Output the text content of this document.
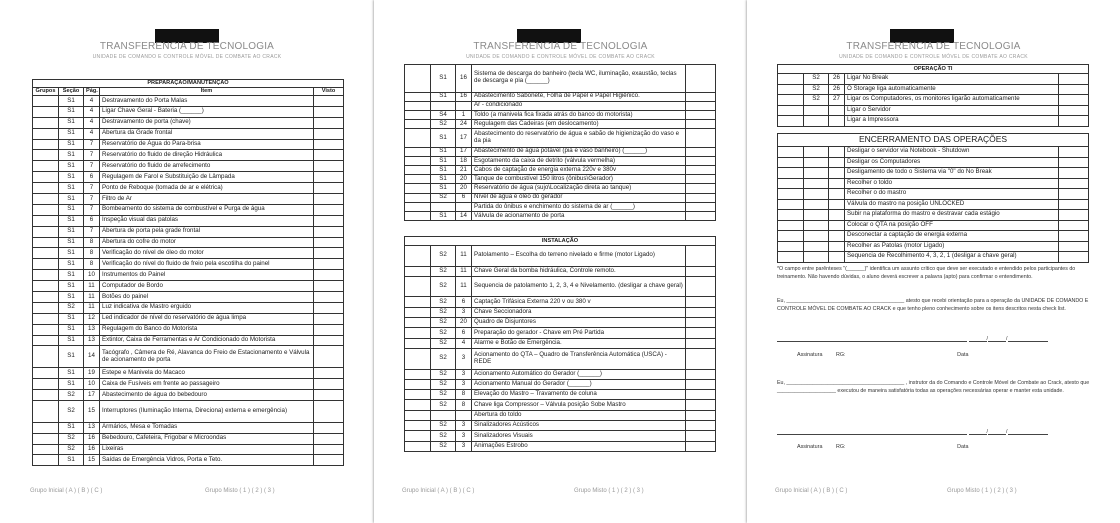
TRANSFERENCIA DE TECNOLOGIA
UNIDADE DE COMANDO E CONTROLE MÓVEL DE COMBATE AO CRACK
PREPARAÇÃO/MANUTENÇÃO				
Grupos	Seção	Pág.	Item	Visto
	S1	4	Destravamento do Porta Malas	
	S1	4	Ligar Chave Geral - Bateria (______)	
	S1	4	Destravamento de porta (chave)	
	S1	4	Abertura da Grade frontal	
	S1	7	Reservatório de Água do Para-brisa	
	S1	7	Reservatório do fluido de direção Hidráulica	
	S1	7	Reservatório do fluido de arrefecimento	
	S1	6	Regulagem de Farol e Substituição de Lâmpada	
	S1	7	Ponto de Reboque (tomada de ar e elétrica)	
	S1	7	Filtro de Ar	
	S1	7	Bombeamento do sistema de combustível e Purga de água	
	S1	6	Inspeção visual das patolas	
	S1	7	Abertura de porta pela grade frontal	
	S1	8	Abertura do cofre do motor	
	S1	8	Verificação do nível de óleo do motor	
	S1	8	Verificação do nível do fluido de freio pela escotilha do painel	
	S1	10	Instrumentos do Painel	
	S1	11	Computador de Bordo	
	S1	11	Botões do painel	
	S2	11	Luz indicativa de Mastro erguido	
	S1	12	Led indicador de nível do reservatório de água limpa	
	S1	13	Regulagem do Banco do Motorista	
	S1	13	Extintor, Caixa de Ferramentas e Ar Condicionado do Motorista	
	S1	14	Tacógrafo , Câmera de Ré, Alavanca do Freio de Estacionamento e Válvula de acionamento de porta	
	S1	19	Estepe e Manivela do Macaco	
	S1	10	Caixa de Fusíveis em frente ao passageiro	
	S2	17	Abastecimento de água do bebedouro	
	S2	15	Interruptores (Iluminação Interna, Direciona) externa e emergência)	
	S1	13	Armários, Mesa e Tomadas	
	S2	16	Bebedouro, Cafeteira, Frigobar e Microondas	
	S2	16	Lixeiras	
	S1	15	Saídas de Emergência Vidros, Porta e Teto.	
Grupo Inicial ( A ) ( B ) ( C )	Grupo Misto ( 1 ) ( 2 ) ( 3 )
TRANSFERENCIA DE TECNOLOGIA
UNIDADE DE COMANDO E CONTROLE MÓVEL DE COMBATE AO CRACK
	S1	16	Sistema de descarga do banheiro (tecla WC, iluminação, exaustão, teclas de descarga e pia (______)	
	S1	16	Abastecimento Sabonete, Folha de Papel e Papel Higiênico.	
			Ar - condicionado	
	S4	1	Toldo (a manivela fica fixada atrás do banco do motorista)	
	S2	24	Regulagem das Cadeiras (em deslocamento)	
	S1	17	Abastecimento do reservatório de água e sabão de higienização do vaso e da pia	
	S1	17	Abastecimento de água potável (pia e vaso banheiro) (______)	
	S1	18	Esgotamento da caixa de detrito (válvula vermelha)	
	S1	21	Cabos de captação de energia externa 220v e 380v	
	S1	20	Tanque de combustível 150 litros (ônibus\Gerador)	
	S1	20	Reservatório de água (sujo\Localização direta ao tanque)	
	S2	6	Nível de água e óleo do gerador	
			Partida do ônibus e enchimento do sistema de ar (______)	
	S1	14	Válvula de acionamento de porta	
INSTALAÇÃO				
	S2	11	Patolamento – Escolha do terreno nivelado e firme (motor Ligado)	
	S2	11	Chave Geral da bomba hidráulica, Controle remoto.	
	S2	11	Sequencia de patolamento 1, 2, 3, 4 e Nivelamento. (desligar a chave geral)	
	S2	6	Captação Trifásica Externa 220 v ou 380 v	
	S2	3	Chave Seccionadora	
	S2	20	Quadro de Disjuntores	
	S2	6	Preparação do gerador - Chave em Pré Partida	
	S2	4	Alarme e Botão de Emergência.	
	S2	3	Acionamento do QTA – Quadro de Transferência Automática (USCA) - REDE	
	S2	3	Acionamento Automático do Gerador (______)	
	S2	3	Acionamento Manual do Gerador (______)	
	S2	8	Elevação do Mastro – Travamento de coluna	
	S2	8	Chave liga Compressor – Válvula posição Sobe Mastro	
			Abertura do toldo	
	S2	3	Sinalizadores Acústicos	
	S2	3	Sinalizadores Visuais	
	S2	3	Animações Estrobo	
Grupo Inicial ( A ) ( B ) ( C )	Grupo Misto ( 1 ) ( 2 ) ( 3 )
TRANSFERENCIA DE TECNOLOGIA
UNIDADE DE COMANDO E CONTROLE MÓVEL DE COMBATE AO CRACK
OPERAÇÃO TI				
	S2	26	Ligar No Break	
	S2	26	O Storage liga automaticamente	
	S2	27	Ligar os Computadores, os monitores ligarão automaticamente	
			Ligar o Servidor	
			Ligar a Impressora	
ENCERRAMENTO DAS OPERAÇÕES				
			Desligar o servidor via Notebook - Shutdown	
			Desligar os Computadores	
			Desligamento de todo o Sistema via "0" do No Break	
			Recolher o toldo	
			Recolher o do mastro	
			Válvula do mastro na posição UNLOCKED	
			Subir na plataforma do mastro e destravar cada estágio	
			Colocar o QTA na posição OFF	
			Desconectar a captação de energia externa	
			Recolher as Patolas (motor Ligado)	
			Sequencia de Recolhimento 4, 3, 2, 1 (desligar a chave geral)	
*O campo entre parênteses "(______)" identifica um assunto crítico que deve ser executado e entendido pelos participantes do treinamento. Não havendo dúvidas, o aluno deverá escrever a palavra (apto) para confirmar o entendimento.
Eu, ________________________________________ atesto que recebi orientação para a operação da UNIDADE DE COMANDO E CONTROLE MÓVEL DE COMBATE AO CRACK e que tenho pleno conhecimento sobre os itens descritos nesta check list.
/	/
Assinatura	RG:	Data
Eu, ________________________________________ , instrutor da do Comando e Controle Móvel de Combate ao Crack, atesto que ____________________ executou de maneira satisfatória todas as operações necessárias operar e manter esta unidade.
/	/
Assinatura	RG:	Data
Grupo Inicial ( A ) ( B ) ( C )	Grupo Misto ( 1 ) ( 2 ) ( 3 )
